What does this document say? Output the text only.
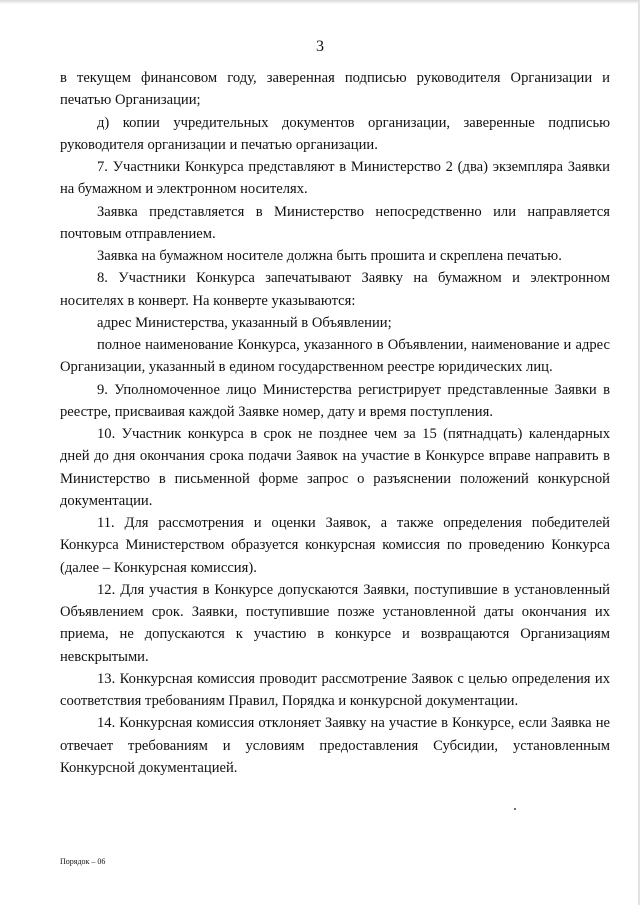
3

в текущем финансовом году, заверенная подписью руководителя Организации и печатью Организации;

д) копии учредительных документов организации, заверенные подписью руководителя организации и печатью организации.

7. Участники Конкурса представляют в Министерство 2 (два) экземпляра Заявки на бумажном и электронном носителях.

Заявка представляется в Министерство непосредственно или направляется почтовым отправлением.

Заявка на бумажном носителе должна быть прошита и скреплена печатью.

8. Участники Конкурса запечатывают Заявку на бумажном и электронном носителях в конверт. На конверте указываются:

адрес Министерства, указанный в Объявлении;

полное наименование Конкурса, указанного в Объявлении, наименование и адрес Организации, указанный в едином государственном реестре юридических лиц.

9. Уполномоченное лицо Министерства регистрирует представленные Заявки в реестре, присваивая каждой Заявке номер, дату и время поступления.

10. Участник конкурса в срок не позднее чем за 15 (пятнадцать) календарных дней до дня окончания срока подачи Заявок на участие в Конкурсе вправе направить в Министерство в письменной форме запрос о разъяснении положений конкурсной документации.

11. Для рассмотрения и оценки Заявок, а также определения победителей Конкурса Министерством образуется конкурсная комиссия по проведению Конкурса (далее – Конкурсная комиссия).

12. Для участия в Конкурсе допускаются Заявки, поступившие в установленный Объявлением срок. Заявки, поступившие позже установленной даты окончания их приема, не допускаются к участию в конкурсе и возвращаются Организациям невскрытыми.

13. Конкурсная комиссия проводит рассмотрение Заявок с целью определения их соответствия требованиям Правил, Порядка и конкурсной документации.

14. Конкурсная комиссия отклоняет Заявку на участие в Конкурсе, если Заявка не отвечает требованиям и условиям предоставления Субсидии, установленным Конкурсной документацией.

Порядок – 06
